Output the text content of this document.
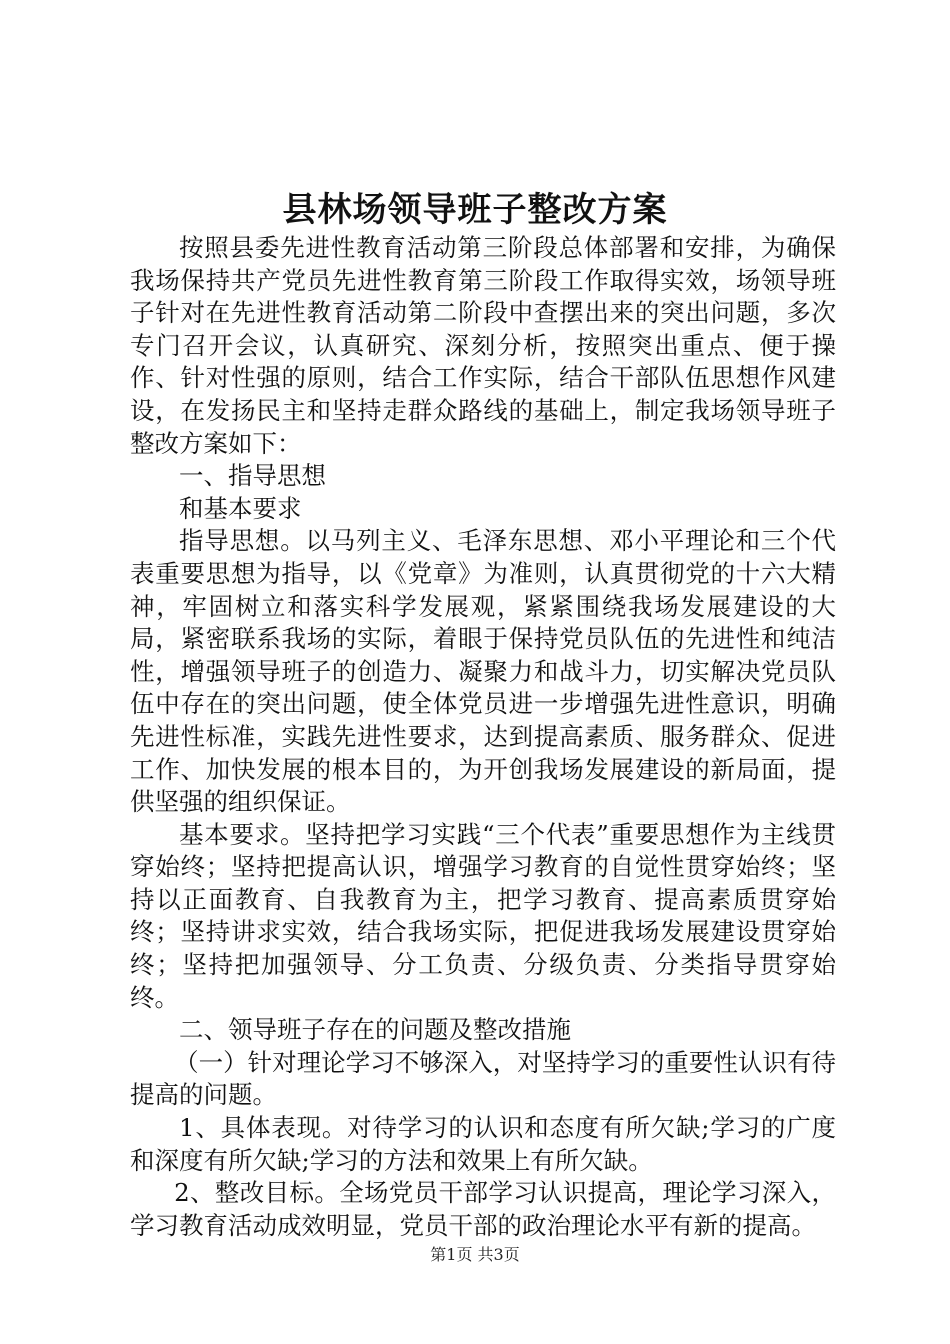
县林场领导班子整改方案

按照县委先进性教育活动第三阶段总体部署和安排，为确保我场保持共产党员先进性教育第三阶段工作取得实效，场领导班子针对在先进性教育活动第二阶段中查摆出来的突出问题，多次专门召开会议，认真研究、深刻分析，按照突出重点、便于操作、针对性强的原则，结合工作实际，结合干部队伍思想作风建设，在发扬民主和坚持走群众路线的基础上，制定我场领导班子整改方案如下：

一、指导思想

和基本要求

指导思想。以马列主义、毛泽东思想、邓小平理论和三个代表重要思想为指导，以《党章》为准则，认真贯彻党的十六大精神，牢固树立和落实科学发展观，紧紧围绕我场发展建设的大局，紧密联系我场的实际，着眼于保持党员队伍的先进性和纯洁性，增强领导班子的创造力、凝聚力和战斗力，切实解决党员队伍中存在的突出问题，使全体党员进一步增强先进性意识，明确先进性标准，实践先进性要求，达到提高素质、服务群众、促进工作、加快发展的根本目的，为开创我场发展建设的新局面，提供坚强的组织保证。

基本要求。坚持把学习实践“三个代表”重要思想作为主线贯穿始终；坚持把提高认识，增强学习教育的自觉性贯穿始终；坚持以正面教育、自我教育为主，把学习教育、提高素质贯穿始终；坚持讲求实效，结合我场实际，把促进我场发展建设贯穿始终；坚持把加强领导、分工负责、分级负责、分类指导贯穿始终。

二、领导班子存在的问题及整改措施

（一）针对理论学习不够深入，对坚持学习的重要性认识有待提高的问题。

1、具体表现。对待学习的认识和态度有所欠缺;学习的广度和深度有所欠缺;学习的方法和效果上有所欠缺。

2、整改目标。全场党员干部学习认识提高，理论学习深入，学习教育活动成效明显，党员干部的政治理论水平有新的提高。

第1页 共3页
